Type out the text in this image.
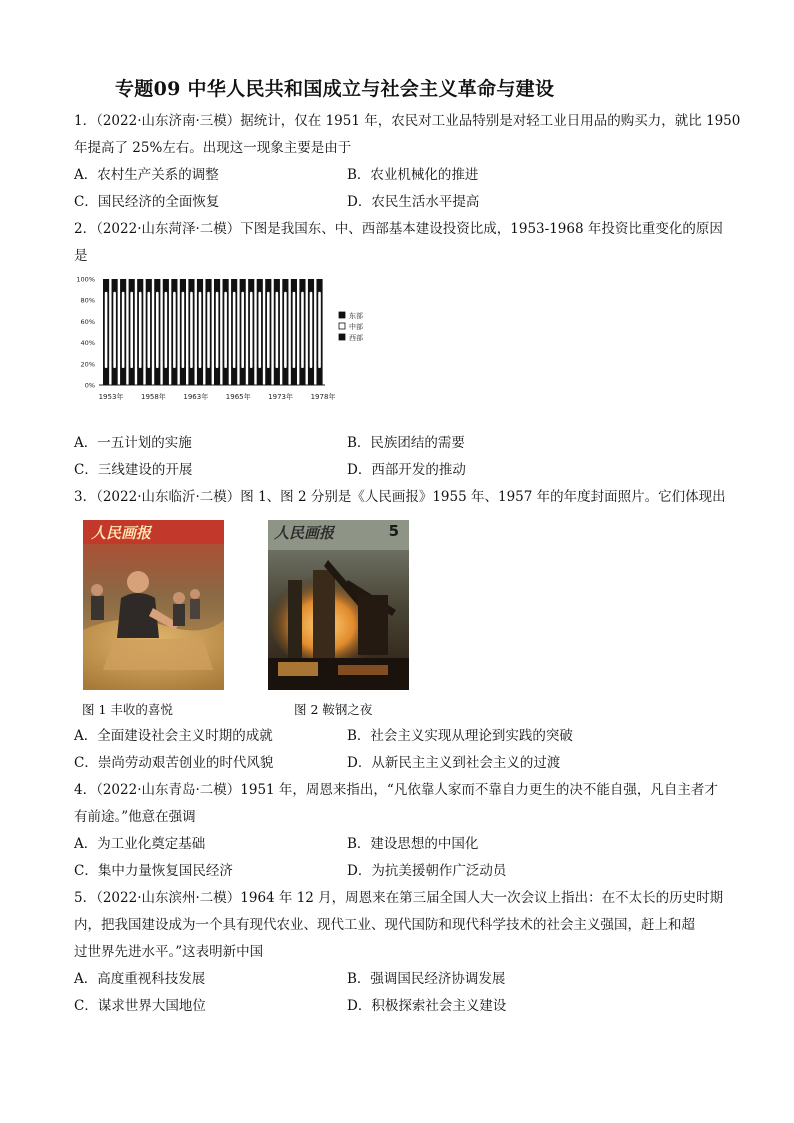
专题09 中华人民共和国成立与社会主义革命与建设
1．（2022·山东济南·三模）据统计，仅在 1951 年，农民对工业品特别是对轻工业日用品的购买力，就比 1950
年提高了 25%左右。出现这一现象主要是由于
A．农村生产关系的调整	B．农业机械化的推进
C．国民经济的全面恢复	D．农民生活水平提高
2．（2022·山东菏泽·二模）下图是我国东、中、西部基本建设投资比成，1953-1968 年投资比重变化的原因
是
100%
80%
60%
40%
20%
0%
1953年	1958年	1963年	1965年	1973年	1978年
东部
中部
西部
A．一五计划的实施	B．民族团结的需要
C．三线建设的开展	D．西部开发的推动
3．（2022·山东临沂·二模）图 1、图 2 分别是《人民画报》1955 年、1957 年的年度封面照片。它们体现出
人民画报	人民画报	5
图 1 丰收的喜悦	图 2 鞍钢之夜
A．全面建设社会主义时期的成就	B．社会主义实现从理论到实践的突破
C．崇尚劳动艰苦创业的时代风貌	D．从新民主主义到社会主义的过渡
4．（2022·山东青岛·二模）1951 年，周恩来指出，“凡依靠人家而不靠自力更生的决不能自强，凡自主者才
有前途。”他意在强调
A．为工业化奠定基础	B．建设思想的中国化
C．集中力量恢复国民经济	D．为抗美援朝作广泛动员
5．（2022·山东滨州·二模）1964 年 12 月，周恩来在第三届全国人大一次会议上指出：在不太长的历史时期
内，把我国建设成为一个具有现代农业、现代工业、现代国防和现代科学技术的社会主义强国，赶上和超
过世界先进水平。”这表明新中国
A．高度重视科技发展	B．强调国民经济协调发展
C．谋求世界大国地位	D．积极探索社会主义建设
